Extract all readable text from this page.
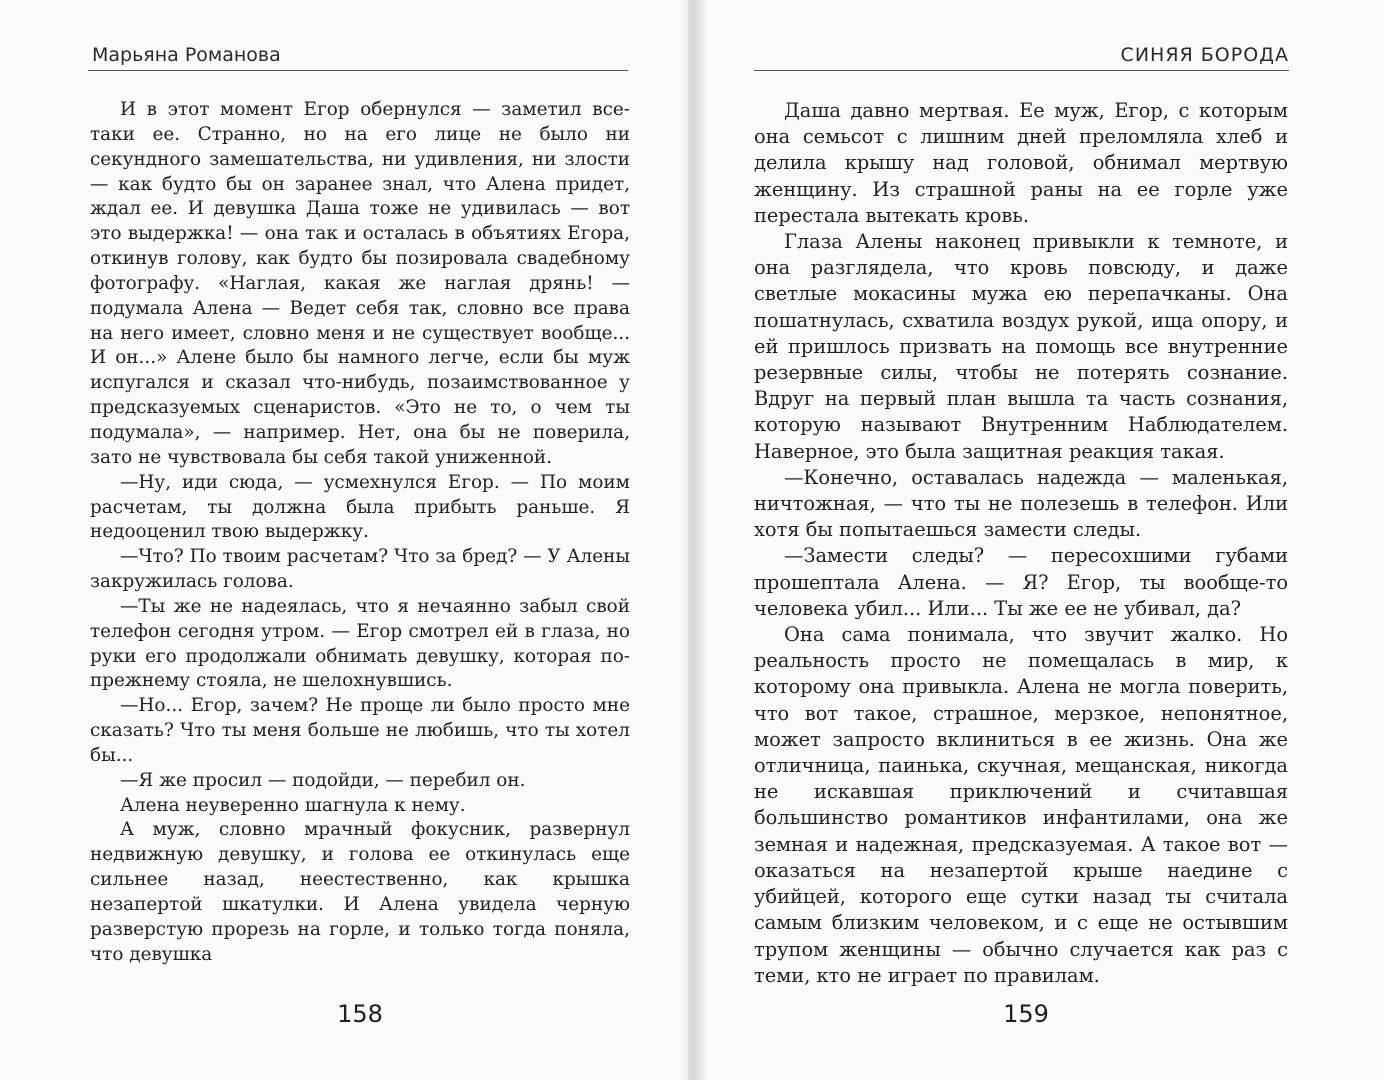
Марьяна Романова

И в этот момент Егор обернулся — заметил все-таки ее. Странно, но на его лице не было ни секундного замешательства, ни удивления, ни злости — как будто бы он заранее знал, что Алена придет, ждал ее. И девушка Даша тоже не удивилась — вот это выдержка! — она так и осталась в объятиях Егора, откинув голову, как будто бы позировала свадебному фотографу. «Наглая, какая же наглая дрянь! — подумала Алена — Ведет себя так, словно все права на него имеет, словно меня и не существует вообще... И он...» Алене было бы намного легче, если бы муж испугался и сказал что-нибудь, позаимствованное у предсказуемых сценаристов. «Это не то, о чем ты подумала», — например. Нет, она бы не поверила, зато не чувствовала бы себя такой униженной.

—Ну, иди сюда, — усмехнулся Егор. — По моим расчетам, ты должна была прибыть раньше. Я недооценил твою выдержку.

—Что? По твоим расчетам? Что за бред? — У Алены закружилась голова.

—Ты же не надеялась, что я нечаянно забыл свой телефон сегодня утром. — Егор смотрел ей в глаза, но руки его продолжали обнимать девушку, которая по-прежнему стояла, не шелохнувшись.

—Но... Егор, зачем? Не проще ли было просто мне сказать? Что ты меня больше не любишь, что ты хотел бы...

—Я же просил — подойди, — перебил он.

Алена неуверенно шагнула к нему.

А муж, словно мрачный фокусник, развернул недвижную девушку, и голова ее откинулась еще сильнее назад, неестественно, как крышка незапертой шкатулки. И Алена увидела черную разверстую прорезь на горле, и только тогда поняла, что девушка

158
СИНЯЯ БОРОДА

Даша давно мертвая. Ее муж, Егор, с которым она семьсот с лишним дней преломляла хлеб и делила крышу над головой, обнимал мертвую женщину. Из страшной раны на ее горле уже перестала вытекать кровь.

Глаза Алены наконец привыкли к темноте, и она разглядела, что кровь повсюду, и даже светлые мокасины мужа ею перепачканы. Она пошатнулась, схватила воздух рукой, ища опору, и ей пришлось призвать на помощь все внутренние резервные силы, чтобы не потерять сознание. Вдруг на первый план вышла та часть сознания, которую называют Внутренним Наблюдателем. Наверное, это была защитная реакция такая.

—Конечно, оставалась надежда — маленькая, ничтожная, — что ты не полезешь в телефон. Или хотя бы попытаешься замести следы.

—Замести следы? — пересохшими губами прошептала Алена. — Я? Егор, ты вообще-то человека убил... Или... Ты же ее не убивал, да?

Она сама понимала, что звучит жалко. Но реальность просто не помещалась в мир, к которому она привыкла. Алена не могла поверить, что вот такое, страшное, мерзкое, непонятное, может запросто вклиниться в ее жизнь. Она же отличница, паинька, скучная, мещанская, никогда не искавшая приключений и считавшая большинство романтиков инфантилами, она же земная и надежная, предсказуемая. А такое вот — оказаться на незапертой крыше наедине с убийцей, которого еще сутки назад ты считала самым близким человеком, и с еще не остывшим трупом женщины — обычно случается как раз с теми, кто не играет по правилам.

159
